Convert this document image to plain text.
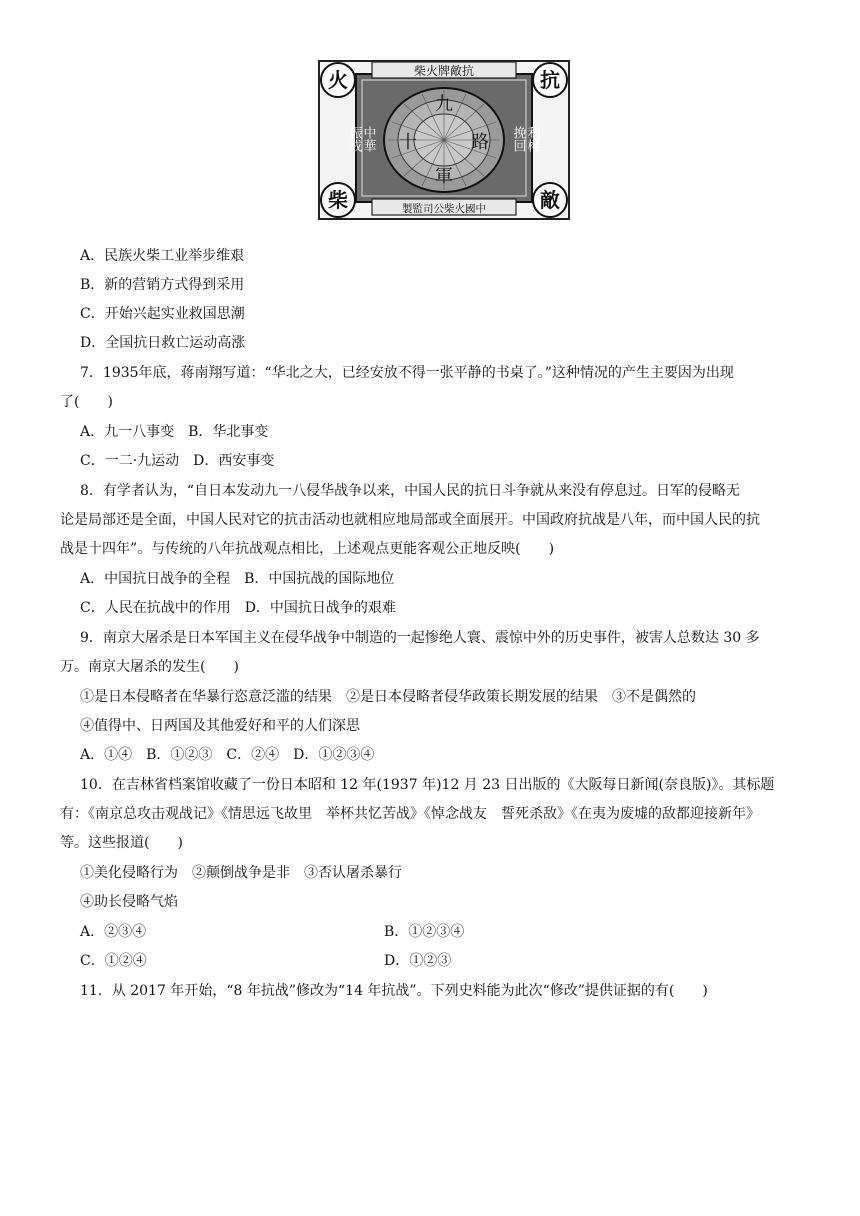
柴火牌敵抗
製監司公柴火國中
火	抗
柴	敵
中華
振戎	利權
挽回
九
十	路
軍
A．民族火柴工业举步维艰
B．新的营销方式得到采用
C．开始兴起实业救国思潮
D．全国抗日救亡运动高涨
7．1935年底，蒋南翔写道：“华北之大，已经安放不得一张平静的书桌了。”这种情况的产生主要因为出现
了(　　)
A．九一八事变　B．华北事变
C．一二·九运动　D．西安事变
8．有学者认为，“自日本发动九一八侵华战争以来，中国人民的抗日斗争就从来没有停息过。日军的侵略无
论是局部还是全面，中国人民对它的抗击活动也就相应地局部或全面展开。中国政府抗战是八年，而中国人民的抗
战是十四年”。与传统的八年抗战观点相比，上述观点更能客观公正地反映(　　)
A．中国抗日战争的全程　B．中国抗战的国际地位
C．人民在抗战中的作用　D．中国抗日战争的艰难
9．南京大屠杀是日本军国主义在侵华战争中制造的一起惨绝人寰、震惊中外的历史事件，被害人总数达 30 多
万。南京大屠杀的发生(　　)
①是日本侵略者在华暴行恣意泛滥的结果　②是日本侵略者侵华政策长期发展的结果　③不是偶然的
④值得中、日两国及其他爱好和平的人们深思
A．①④　B．①②③　C．②④　D．①②③④
10．在吉林省档案馆收藏了一份日本昭和 12 年(1937 年)12 月 23 日出版的《大阪每日新闻(奈良版)》。其标题
有：《南京总攻击观战记》《情思远飞故里　举杯共忆苦战》《悼念战友　誓死杀敌》《在夷为废墟的敌都迎接新年》
等。这些报道(　　)
①美化侵略行为　②颠倒战争是非　③否认屠杀暴行
④助长侵略气焰
A．②③④	B．①②③④
C．①②④	D．①②③
11．从 2017 年开始，“8 年抗战”修改为“14 年抗战”。下列史料能为此次“修改”提供证据的有(　　)
